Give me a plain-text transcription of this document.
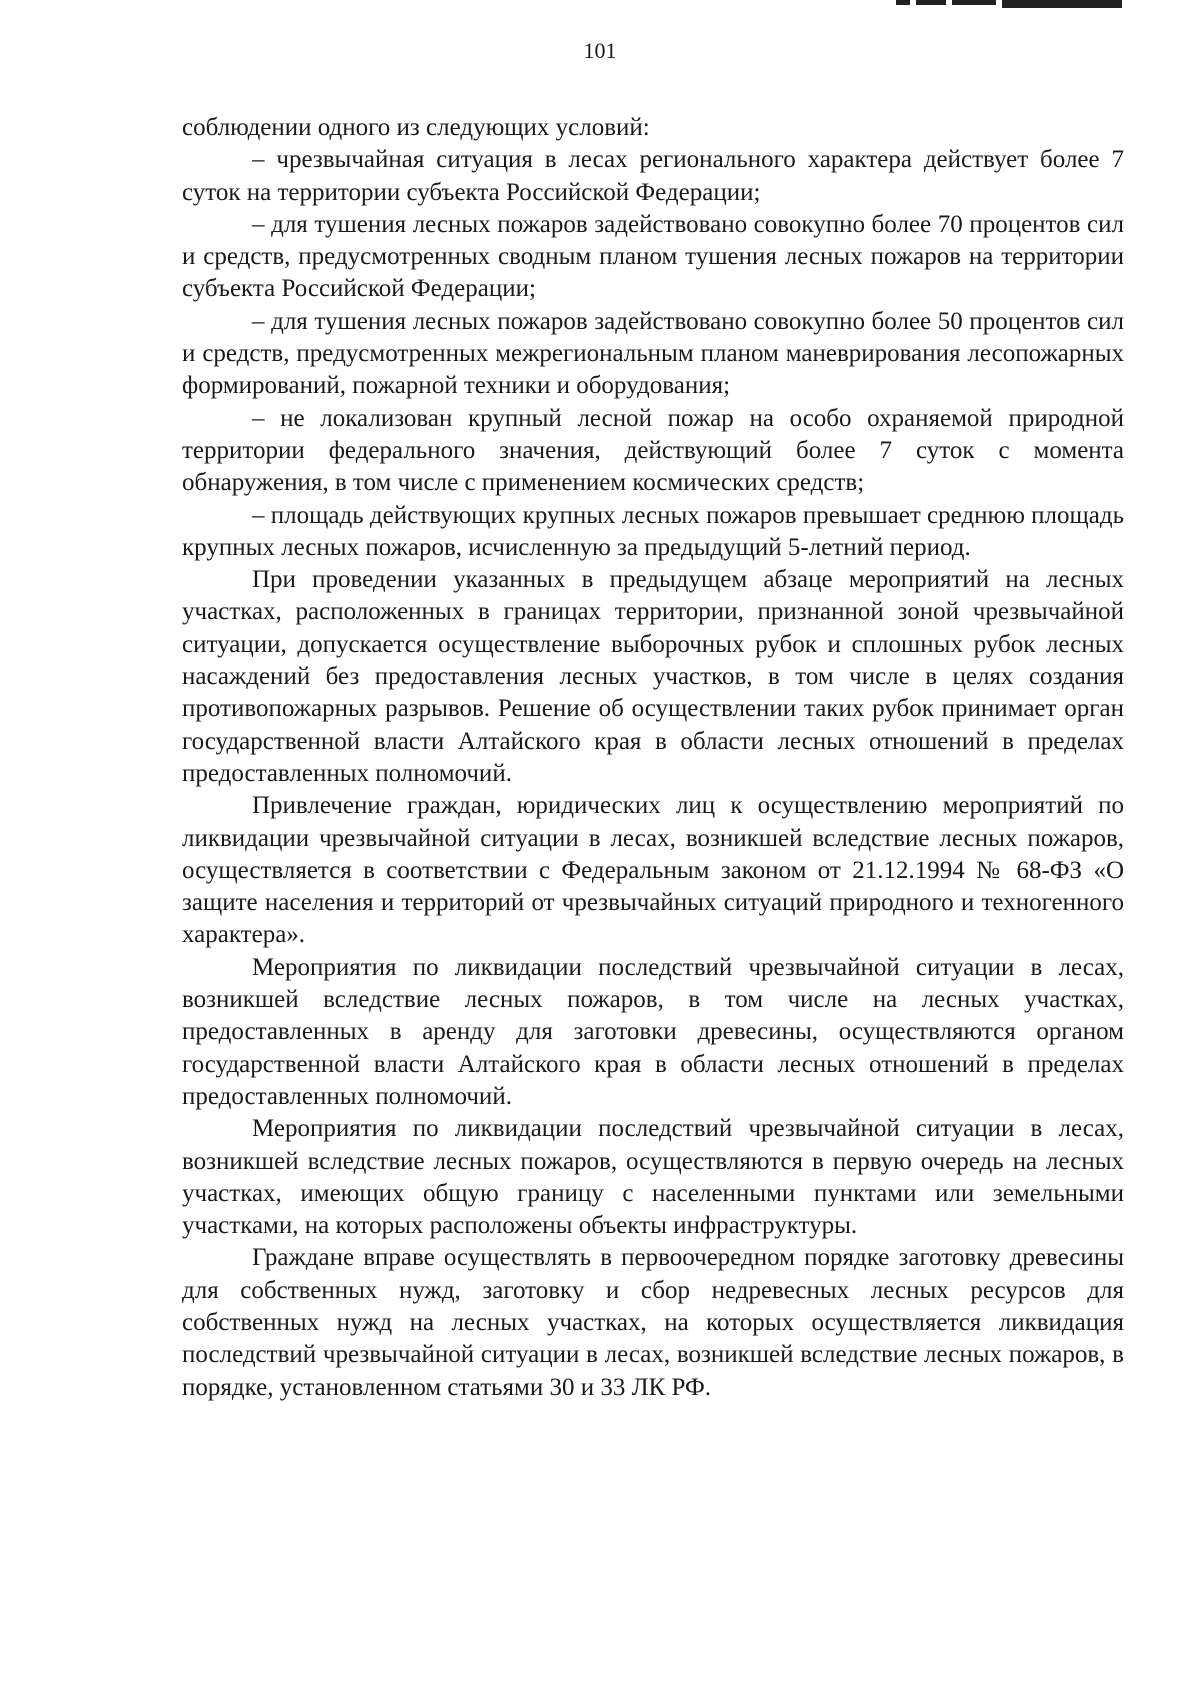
101

соблюдении одного из следующих условий:

– чрезвычайная ситуация в лесах регионального характера действует более 7 суток на территории субъекта Российской Федерации;

– для тушения лесных пожаров задействовано совокупно более 70 процентов сил и средств, предусмотренных сводным планом тушения лесных пожаров на территории субъекта Российской Федерации;

– для тушения лесных пожаров задействовано совокупно более 50 процентов сил и средств, предусмотренных межрегиональным планом маневрирования лесопожарных формирований, пожарной техники и оборудования;

– не локализован крупный лесной пожар на особо охраняемой природной территории федерального значения, действующий более 7 суток с момента обнаружения, в том числе с применением космических средств;

– площадь действующих крупных лесных пожаров превышает среднюю площадь крупных лесных пожаров, исчисленную за предыдущий 5-летний период.

При проведении указанных в предыдущем абзаце мероприятий на лесных участках, расположенных в границах территории, признанной зоной чрезвычайной ситуации, допускается осуществление выборочных рубок и сплошных рубок лесных насаждений без предоставления лесных участков, в том числе в целях создания противопожарных разрывов. Решение об осуществлении таких рубок принимает орган государственной власти Алтайского края в области лесных отношений в пределах предоставленных полномочий.

Привлечение граждан, юридических лиц к осуществлению мероприятий по ликвидации чрезвычайной ситуации в лесах, возникшей вследствие лесных пожаров, осуществляется в соответствии с Федеральным законом от 21.12.1994 № 68-ФЗ «О защите населения и территорий от чрезвычайных ситуаций природного и техногенного характера».

Мероприятия по ликвидации последствий чрезвычайной ситуации в лесах, возникшей вследствие лесных пожаров, в том числе на лесных участках, предоставленных в аренду для заготовки древесины, осуществляются органом государственной власти Алтайского края в области лесных отношений в пределах предоставленных полномочий.

Мероприятия по ликвидации последствий чрезвычайной ситуации в лесах, возникшей вследствие лесных пожаров, осуществляются в первую очередь на лесных участках, имеющих общую границу с населенными пунктами или земельными участками, на которых расположены объекты инфраструктуры.

Граждане вправе осуществлять в первоочередном порядке заготовку древесины для собственных нужд, заготовку и сбор недревесных лесных ресурсов для собственных нужд на лесных участках, на которых осуществляется ликвидация последствий чрезвычайной ситуации в лесах, возникшей вследствие лесных пожаров, в порядке, установленном статьями 30 и 33 ЛК РФ.
